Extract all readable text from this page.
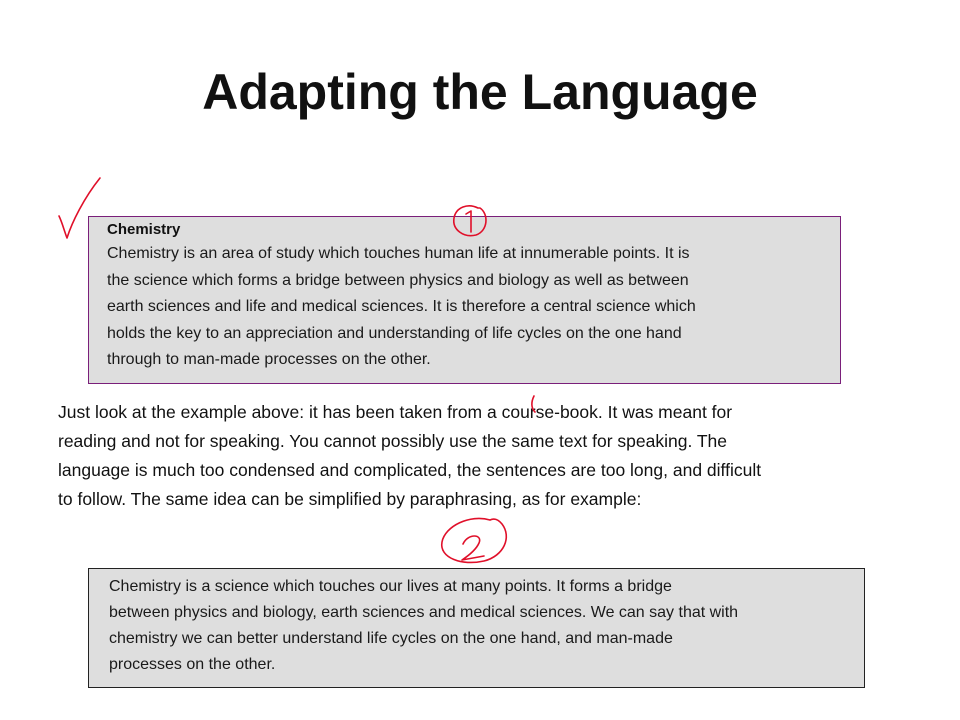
Adapting the Language
Chemistry
Chemistry is an area of study which touches human life at innumerable points. It is
the science which forms a bridge between physics and biology as well as between
earth sciences and life and medical sciences. It is therefore a central science which
holds the key to an appreciation and understanding of life cycles on the one hand
through to man-made processes on the other.
Just look at the example above: it has been taken from a course-book. It was meant for
reading and not for speaking. You cannot possibly use the same text for speaking. The
language is much too condensed and complicated, the sentences are too long, and difficult
to follow. The same idea can be simplified by paraphrasing, as for example:
Chemistry is a science which touches our lives at many points. It forms a bridge
between physics and biology, earth sciences and medical sciences. We can say that with
chemistry we can better understand life cycles on the one hand, and man-made
processes on the other.
